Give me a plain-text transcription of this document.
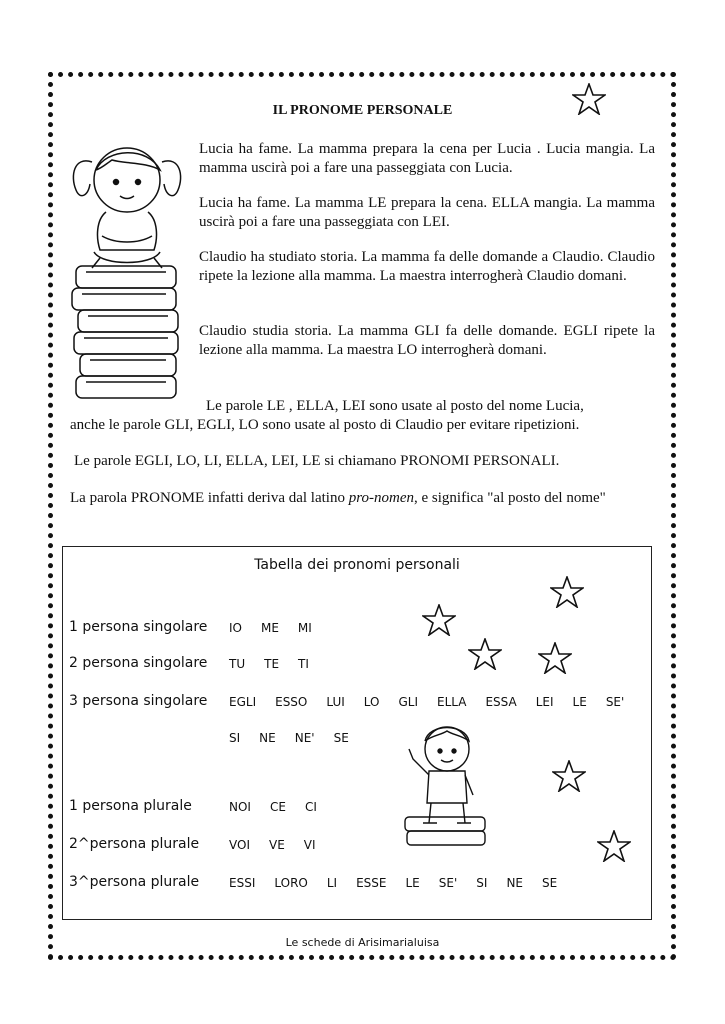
IL PRONOME PERSONALE
Lucia ha fame. La mamma prepara la cena per Lucia . Lucia mangia. La mamma uscirà poi a fare una passeggiata con Lucia.
Lucia ha fame. La mamma LE prepara la cena. ELLA mangia. La mamma uscirà poi a fare una passeggiata con LEI.
Claudio ha studiato storia. La mamma fa delle domande a Claudio. Claudio ripete la lezione alla mamma. La maestra interrogherà Claudio domani.
Claudio studia storia. La mamma GLI fa delle domande. EGLI ripete la lezione alla mamma. La maestra LO interrogherà domani.
Le parole LE , ELLA, LEI sono usate al posto del nome Lucia,
anche le parole GLI, EGLI, LO sono usate al posto di Claudio per evitare ripetizioni.
Le parole EGLI, LO, LI, ELLA, LEI, LE si chiamano PRONOMI PERSONALI.
La parola PRONOME infatti deriva dal latino pro-nomen, e significa "al posto del nome"
Tabella dei pronomi personali
1 persona singolare IO ME MI
2 persona singolare TU TE TI
3 persona singolare EGLI ESSO LUI LO GLI ELLA ESSA LEI LE SE'
SI NE NE' SE
1 persona plurale	NOI CE CI
2^persona plurale VOI VE VI
3^persona plurale ESSI LORO LI ESSE LE SE' SI NE SE
Le schede di Arisimarialuisa
